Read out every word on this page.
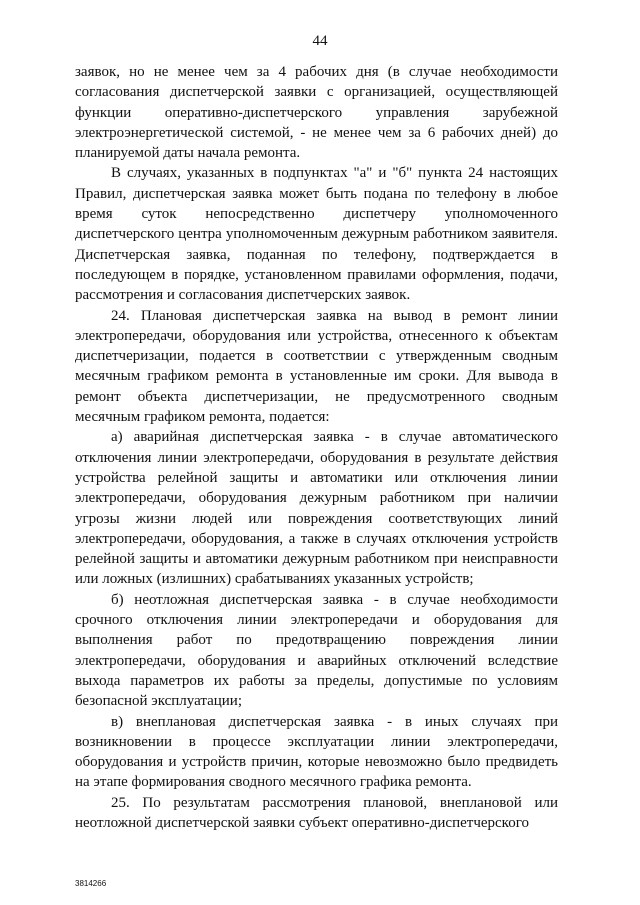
44

заявок, но не менее чем за 4 рабочих дня (в случае необходимости согласования диспетчерской заявки с организацией, осуществляющей функции оперативно-диспетчерского управления зарубежной электроэнергетической системой, - не менее чем за 6 рабочих дней) до планируемой даты начала ремонта.

В случаях, указанных в подпунктах "а" и "б" пункта 24 настоящих Правил, диспетчерская заявка может быть подана по телефону в любое время суток непосредственно диспетчеру уполномоченного диспетчерского центра уполномоченным дежурным работником заявителя. Диспетчерская заявка, поданная по телефону, подтверждается в последующем в порядке, установленном правилами оформления, подачи, рассмотрения и согласования диспетчерских заявок.

24. Плановая диспетчерская заявка на вывод в ремонт линии электропередачи, оборудования или устройства, отнесенного к объектам диспетчеризации, подается в соответствии с утвержденным сводным месячным графиком ремонта в установленные им сроки. Для вывода в ремонт объекта диспетчеризации, не предусмотренного сводным месячным графиком ремонта, подается:

а) аварийная диспетчерская заявка - в случае автоматического отключения линии электропередачи, оборудования в результате действия устройства релейной защиты и автоматики или отключения линии электропередачи, оборудования дежурным работником при наличии угрозы жизни людей или повреждения соответствующих линий электропередачи, оборудования, а также в случаях отключения устройств релейной защиты и автоматики дежурным работником при неисправности или ложных (излишних) срабатываниях указанных устройств;

б) неотложная диспетчерская заявка - в случае необходимости срочного отключения линии электропередачи и оборудования для выполнения работ по предотвращению повреждения линии электропередачи, оборудования и аварийных отключений вследствие выхода параметров их работы за пределы, допустимые по условиям безопасной эксплуатации;

в) внеплановая диспетчерская заявка - в иных случаях при возникновении в процессе эксплуатации линии электропередачи, оборудования и устройств причин, которые невозможно было предвидеть на этапе формирования сводного месячного графика ремонта.

25. По результатам рассмотрения плановой, внеплановой или неотложной диспетчерской заявки субъект оперативно-диспетчерского

3814266
